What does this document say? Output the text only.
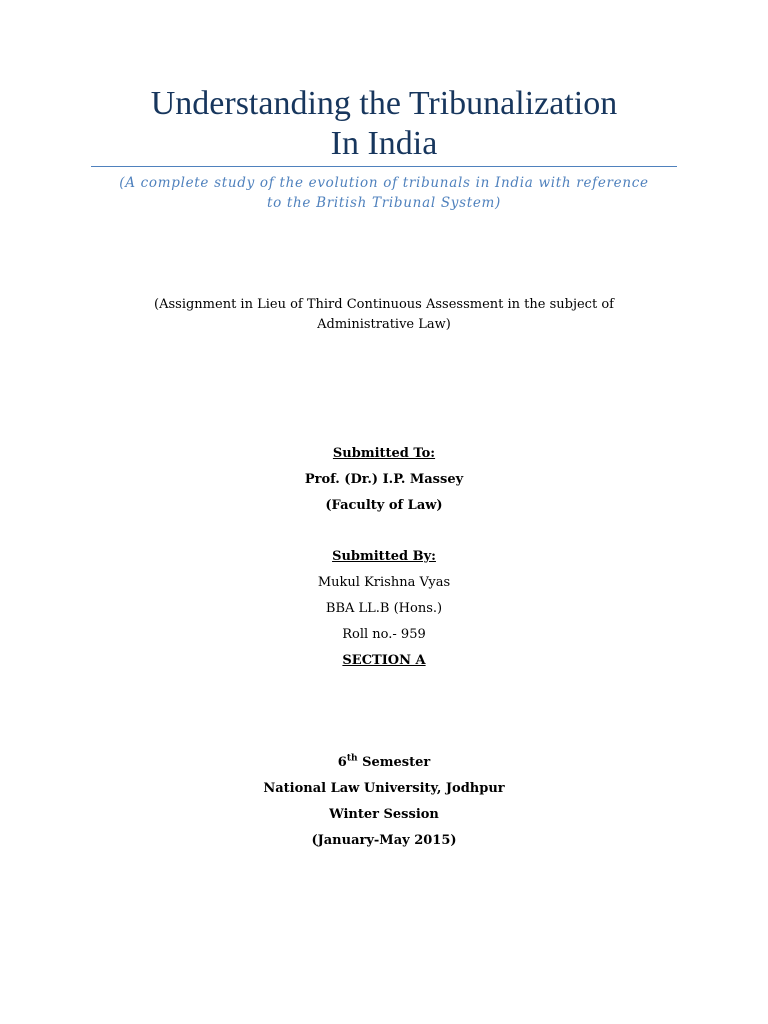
Understanding the Tribunalization
In India
(A complete study of the evolution of tribunals in India with reference
to the British Tribunal System)
(Assignment in Lieu of Third Continuous Assessment in the subject of
Administrative Law)
Submitted To:
Prof. (Dr.) I.P. Massey
(Faculty of Law)
Submitted By:
Mukul Krishna Vyas
BBA LL.B (Hons.)
Roll no.- 959
SECTION A
6th Semester
National Law University, Jodhpur
Winter Session
(January-May 2015)
